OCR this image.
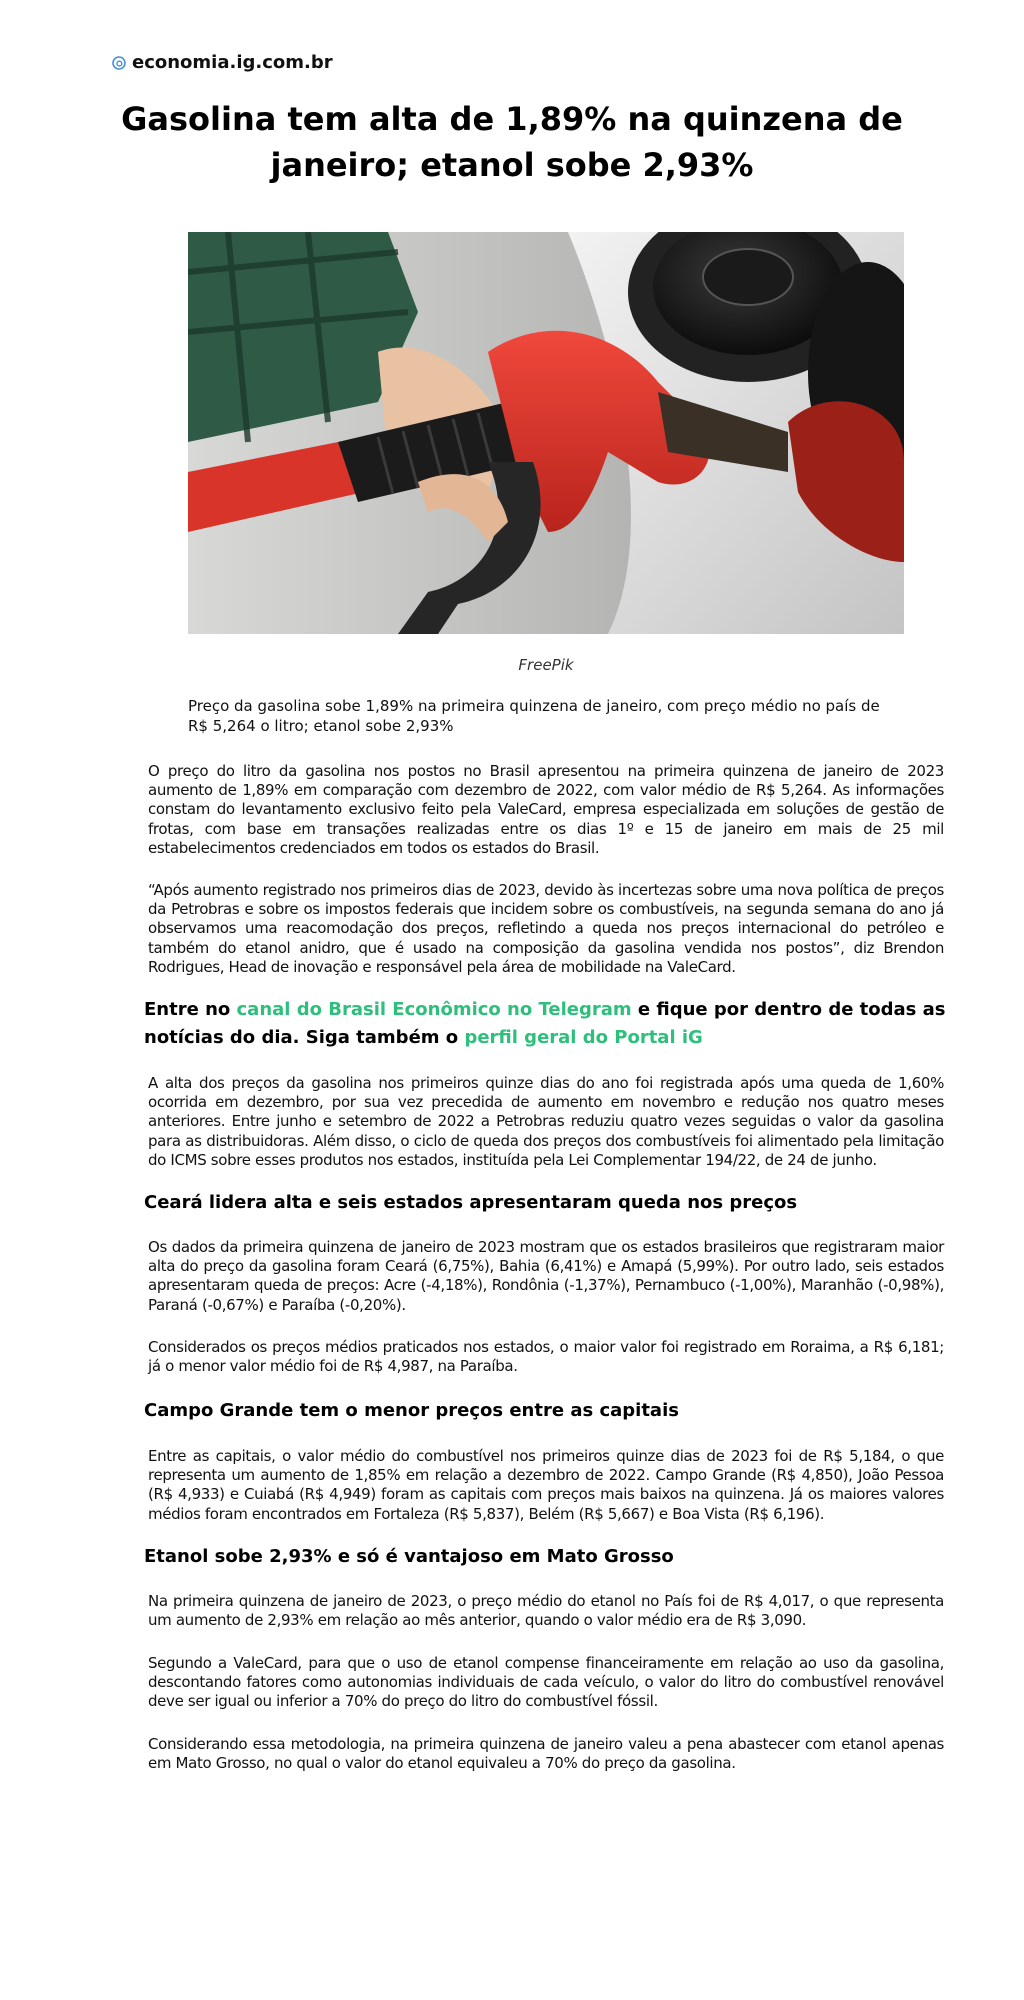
economia.ig.com.br
Gasolina tem alta de 1,89% na quinzena de janeiro; etanol sobe 2,93%
FreePik

Preço da gasolina sobe 1,89% na primeira quinzena de janeiro, com preço médio no país de R$ 5,264 o litro; etanol sobe 2,93%

O preço do litro da gasolina nos postos no Brasil apresentou na primeira quinzena de janeiro de 2023 aumento de 1,89% em comparação com dezembro de 2022, com valor médio de R$ 5,264. As informações constam do levantamento exclusivo feito pela ValeCard, empresa especializada em soluções de gestão de frotas, com base em transações realizadas entre os dias 1º e 15 de janeiro em mais de 25 mil estabelecimentos credenciados em todos os estados do Brasil.

“Após aumento registrado nos primeiros dias de 2023, devido às incertezas sobre uma nova política de preços da Petrobras e sobre os impostos federais que incidem sobre os combustíveis, na segunda semana do ano já observamos uma reacomodação dos preços, refletindo a queda nos preços internacional do petróleo e também do etanol anidro, que é usado na composição da gasolina vendida nos postos”, diz Brendon Rodrigues, Head de inovação e responsável pela área de mobilidade na ValeCard.

Entre no canal do Brasil Econômico no Telegram e fique por dentro de todas as notícias do dia. Siga também o perfil geral do Portal iG

A alta dos preços da gasolina nos primeiros quinze dias do ano foi registrada após uma queda de 1,60% ocorrida em dezembro, por sua vez precedida de aumento em novembro e redução nos quatro meses anteriores. Entre junho e setembro de 2022 a Petrobras reduziu quatro vezes seguidas o valor da gasolina para as distribuidoras. Além disso, o ciclo de queda dos preços dos combustíveis foi alimentado pela limitação do ICMS sobre esses produtos nos estados, instituída pela Lei Complementar 194/22, de 24 de junho.

Ceará lidera alta e seis estados apresentaram queda nos preços

Os dados da primeira quinzena de janeiro de 2023 mostram que os estados brasileiros que registraram maior alta do preço da gasolina foram Ceará (6,75%), Bahia (6,41%) e Amapá (5,99%). Por outro lado, seis estados apresentaram queda de preços: Acre (-4,18%), Rondônia (-1,37%), Pernambuco (-1,00%), Maranhão (-0,98%), Paraná (-0,67%) e Paraíba (-0,20%).

Considerados os preços médios praticados nos estados, o maior valor foi registrado em Roraima, a R$ 6,181; já o menor valor médio foi de R$ 4,987, na Paraíba.

Campo Grande tem o menor preços entre as capitais

Entre as capitais, o valor médio do combustível nos primeiros quinze dias de 2023 foi de R$ 5,184, o que representa um aumento de 1,85% em relação a dezembro de 2022. Campo Grande (R$ 4,850), João Pessoa (R$ 4,933) e Cuiabá (R$ 4,949) foram as capitais com preços mais baixos na quinzena. Já os maiores valores médios foram encontrados em Fortaleza (R$ 5,837), Belém (R$ 5,667) e Boa Vista (R$ 6,196).

Etanol sobe 2,93% e só é vantajoso em Mato Grosso

Na primeira quinzena de janeiro de 2023, o preço médio do etanol no País foi de R$ 4,017, o que representa um aumento de 2,93% em relação ao mês anterior, quando o valor médio era de R$ 3,090.

Segundo a ValeCard, para que o uso de etanol compense financeiramente em relação ao uso da gasolina, descontando fatores como autonomias individuais de cada veículo, o valor do litro do combustível renovável deve ser igual ou inferior a 70% do preço do litro do combustível fóssil.

Considerando essa metodologia, na primeira quinzena de janeiro valeu a pena abastecer com etanol apenas em Mato Grosso, no qual o valor do etanol equivaleu a 70% do preço da gasolina.
